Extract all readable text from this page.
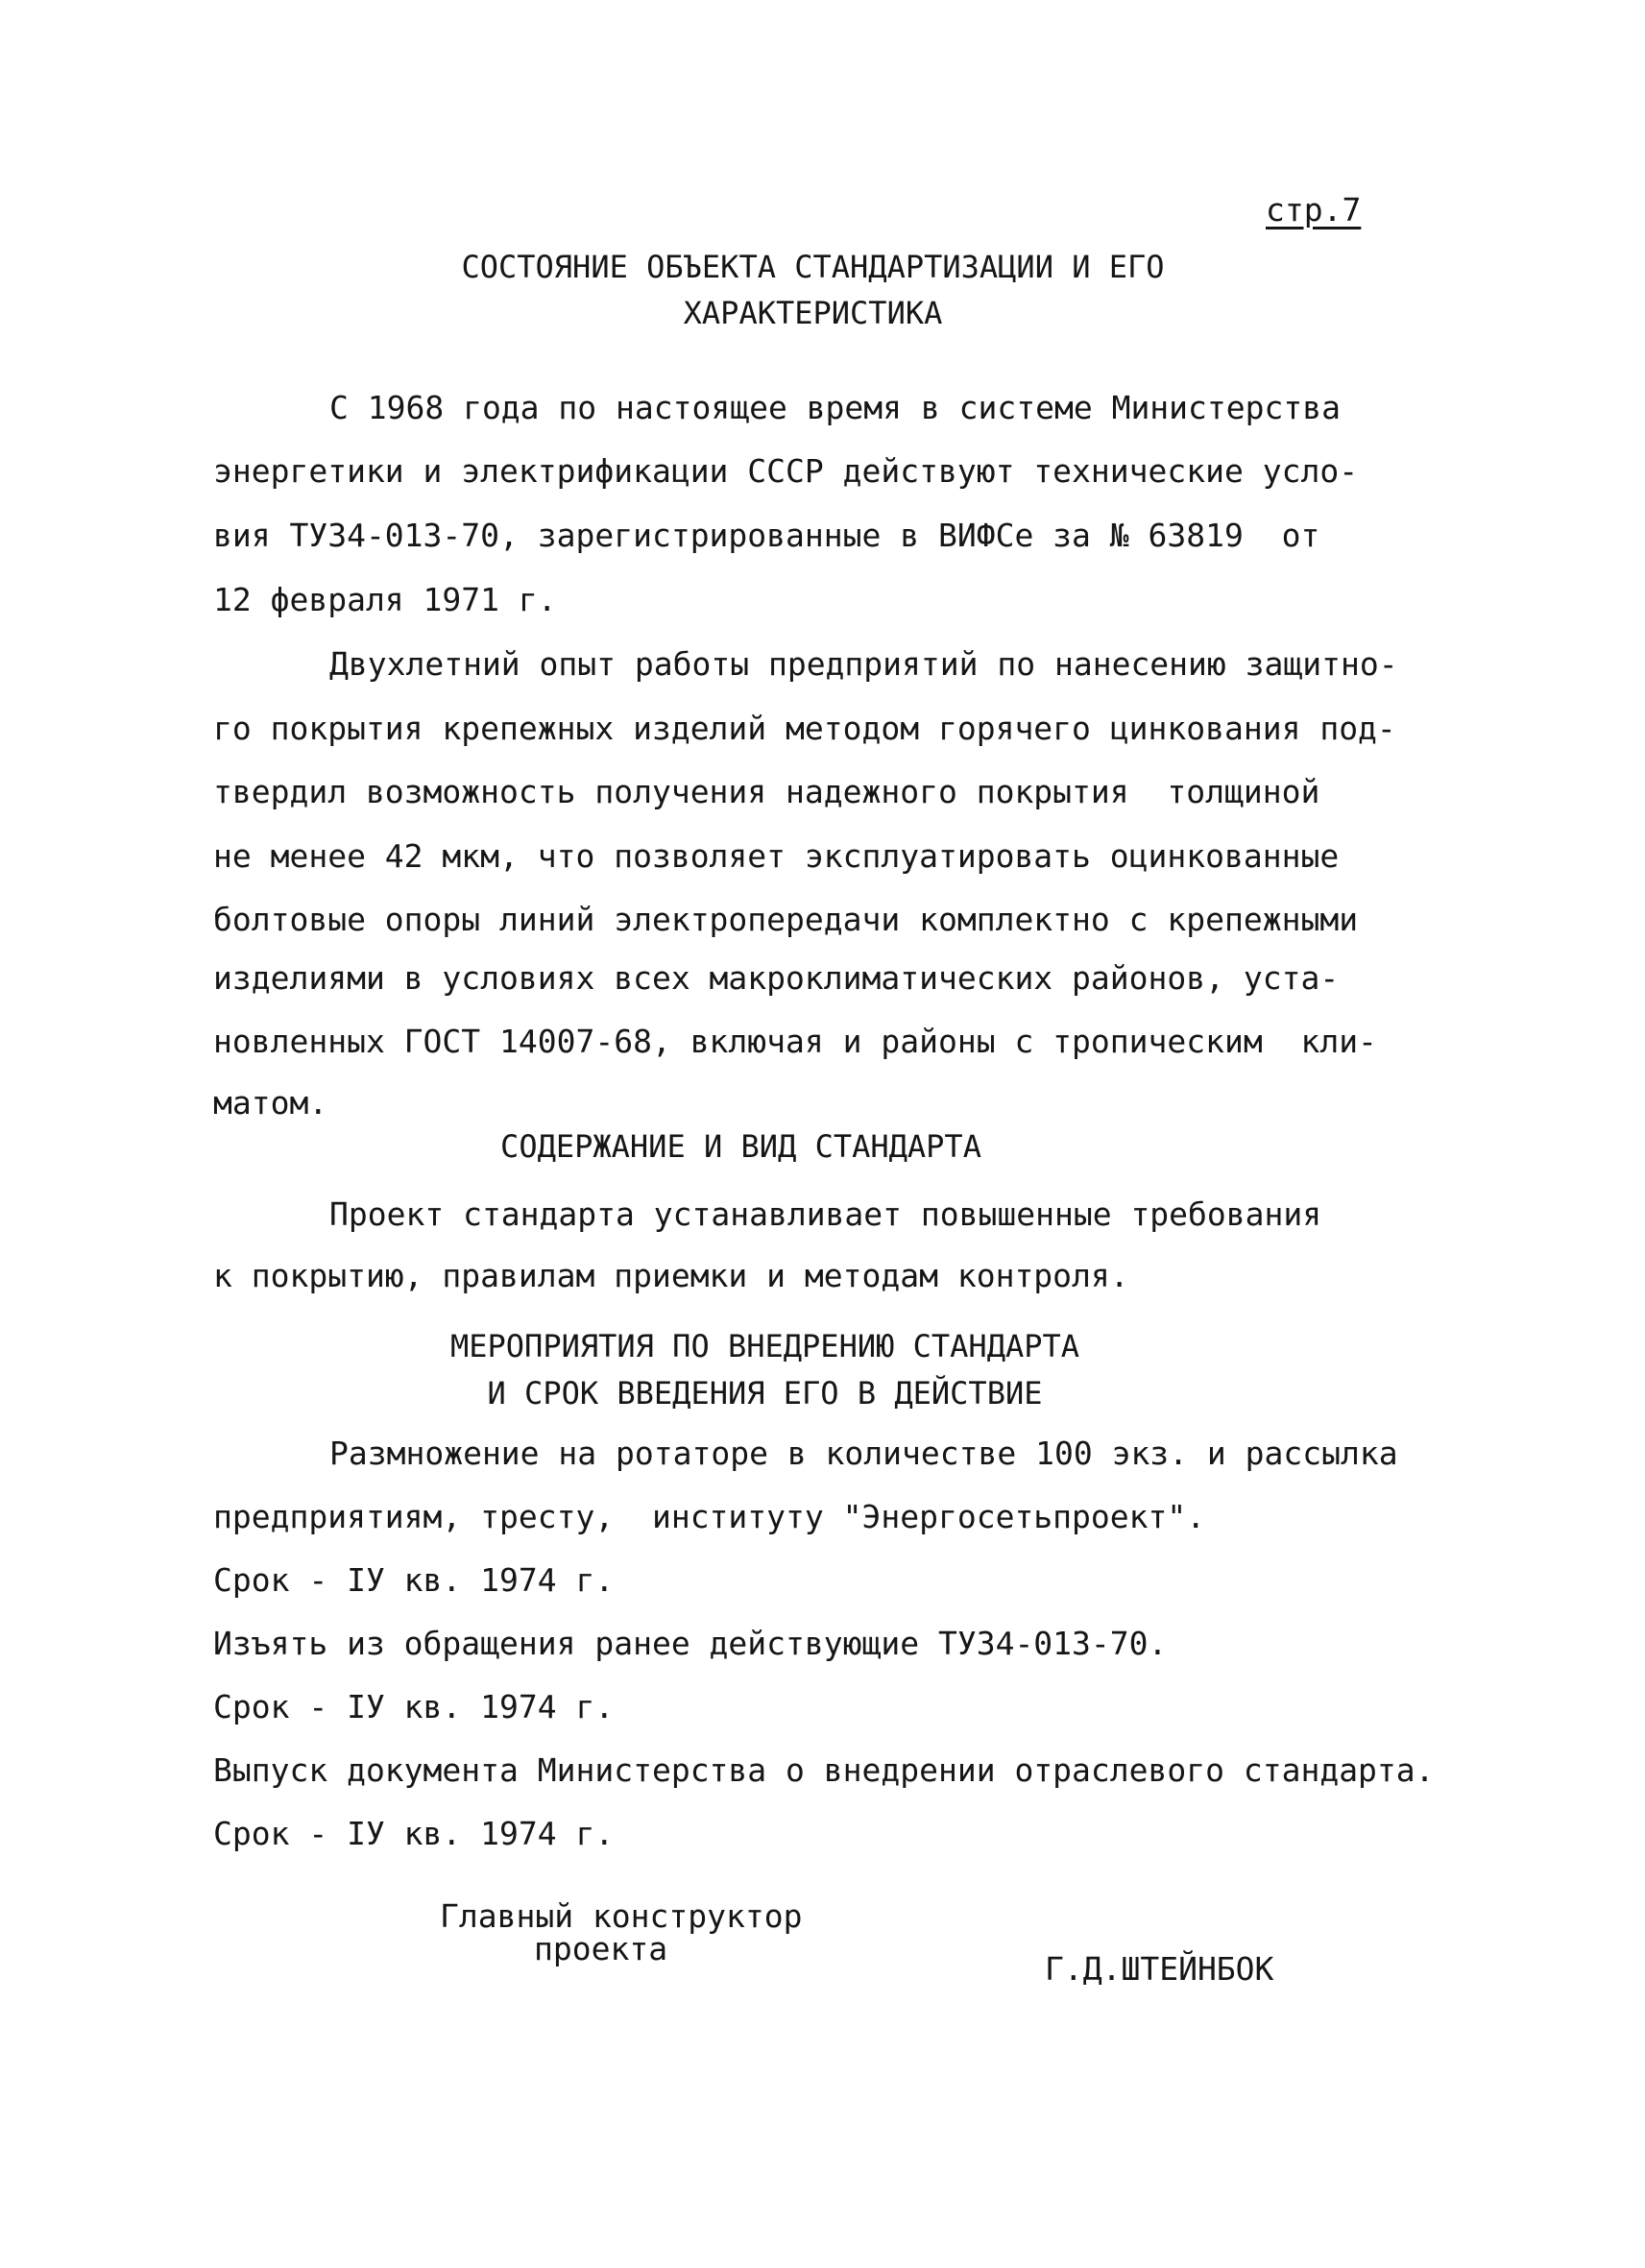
стр.7
СОСТОЯНИЕ ОБЪЕКТА СТАНДАРТИЗАЦИИ И ЕГО
ХАРАКТЕРИСТИКА
С 1968 года по настоящее время в системе Министерства
энергетики и электрификации СССР действуют технические усло-
вия ТУ34-013-70, зарегистрированные в ВИФСе за № 63819  от
12 февраля 1971 г.
Двухлетний опыт работы предприятий по нанесению защитно-
го покрытия крепежных изделий методом горячего цинкования под-
твердил возможность получения надежного покрытия  толщиной
не менее 42 мкм, что позволяет эксплуатировать оцинкованные
болтовые опоры линий электропередачи комплектно с крепежными
изделиями в условиях всех макроклиматических районов, уста-
новленных ГОСТ 14007-68, включая и районы с тропическим  кли-
матом.
СОДЕРЖАНИЕ И ВИД СТАНДАРТА
Проект стандарта устанавливает повышенные требования
к покрытию, правилам приемки и методам контроля.
МЕРОПРИЯТИЯ ПО ВНЕДРЕНИЮ СТАНДАРТА
И СРОК ВВЕДЕНИЯ ЕГО В ДЕЙСТВИЕ
Размножение на ротаторе в количестве 100 экз. и рассылка
предприятиям, тресту,  институту "Энергосетьпроект".
Срок - IУ кв. 1974 г.
Изъять из обращения ранее действующие ТУ34-013-70.
Срок - IУ кв. 1974 г.
Выпуск документа Министерства о внедрении отраслевого стандарта.
Срок - IУ кв. 1974 г.
Главный конструктор
проекта
Г.Д.ШТЕЙНБОК
